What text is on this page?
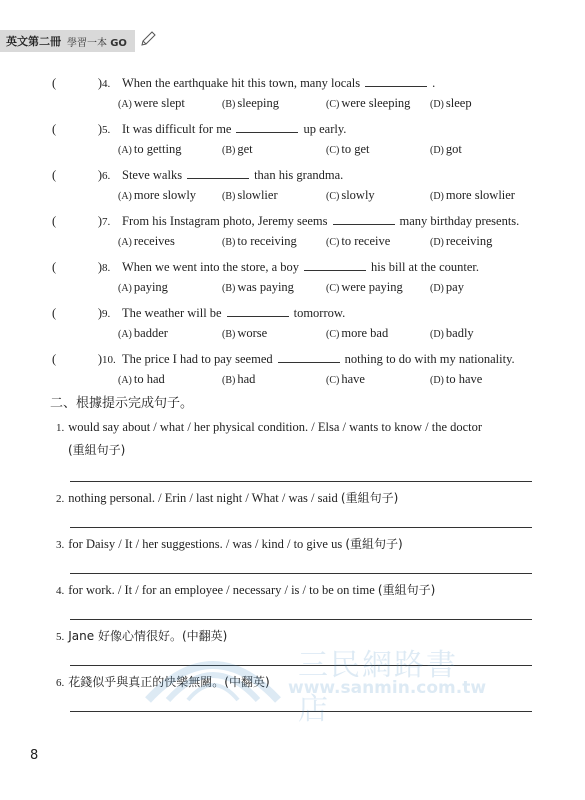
英文第二冊 學習一本 GO
(	) 4. When the earthquake hit this town, many locals	.
(A) were slept	(B) sleeping	(C) were sleeping	(D) sleep
(	) 5. It was difficult for me	up early.
(A) to getting	(B) get	(C) to get	(D) got
(	) 6. Steve walks	than his grandma.
(A) more slowly	(B) slowlier	(C) slowly	(D) more slowlier
(	) 7. From his Instagram photo, Jeremy seems	many birthday presents.
(A) receives	(B) to receiving	(C) to receive	(D) receiving
(	) 8. When we went into the store, a boy	his bill at the counter.
(A) paying	(B) was paying	(C) were paying	(D) pay
(	) 9. The weather will be	tomorrow.
(A) badder	(B) worse	(C) more bad	(D) badly
(	) 10. The price I had to pay seemed	nothing to do with my nationality.
(A) to had	(B) had	(C) have	(D) to have
二、根據提示完成句子。
1. would say about / what / her physical condition. / Elsa / wants to know / the doctor
(重組句子)
2. nothing personal. / Erin / last night / What / was / said (重組句子)
3. for Daisy / It / her suggestions. / was / kind / to give us (重組句子)
4. for work. / It / for an employee / necessary / is / to be on time (重組句子)
5. Jane 好像心情很好。(中翻英)
6. 花錢似乎與真正的快樂無關。(中翻英) 三民網路書店
www.sanmin.com.tw
8
